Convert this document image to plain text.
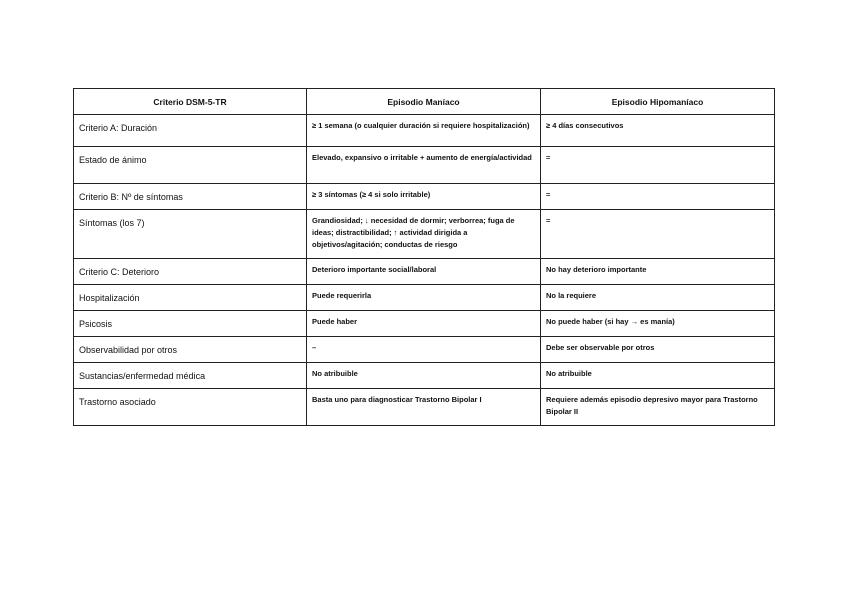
Criterio DSM-5-TR	Episodio Maníaco	Episodio Hipomaníaco
Criterio A: Duración	≥ 1 semana (o cualquier duración si requiere hospitalización)	≥ 4 días consecutivos
Estado de ánimo	Elevado, expansivo o irritable + aumento de energía/actividad	=
Criterio B: Nº de síntomas	≥ 3 síntomas (≥ 4 si solo irritable)	=
Síntomas (los 7)	Grandiosidad; ↓ necesidad de dormir; verborrea; fuga de ideas; distractibilidad; ↑ actividad dirigida a objetivos/agitación; conductas de riesgo	=
Criterio C: Deterioro	Deterioro importante social/laboral	No hay deterioro importante
Hospitalización	Puede requerirla	No la requiere
Psicosis	Puede haber	No puede haber (si hay → es manía)
Observabilidad por otros	–	Debe ser observable por otros
Sustancias/enfermedad médica	No atribuible	No atribuible
Trastorno asociado	Basta uno para diagnosticar Trastorno Bipolar I	Requiere además episodio depresivo mayor para Trastorno Bipolar II
